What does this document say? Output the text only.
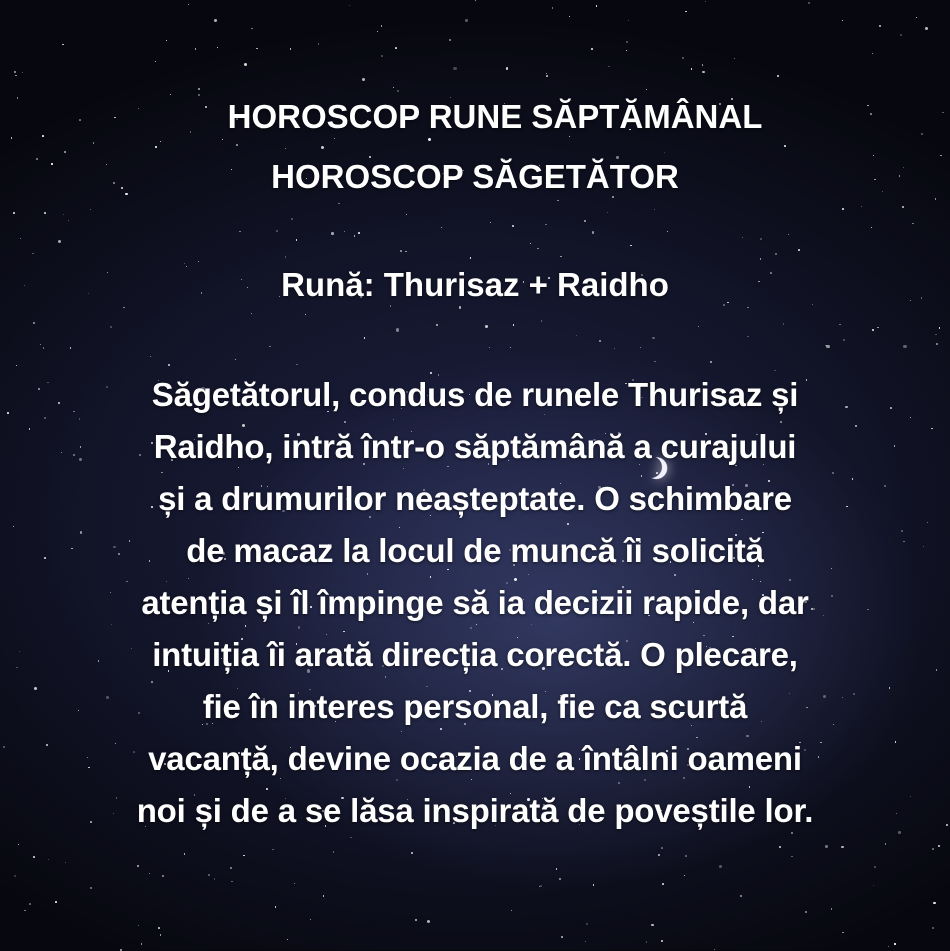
HOROSCOP RUNE SĂPTĂMÂNAL
HOROSCOP SĂGETĂTOR
Rună: Thurisaz + Raidho
Săgetătorul, condus de runele Thurisaz și
Raidho, intră într-o săptămână a curajului
și a drumurilor neașteptate. O schimbare
de macaz la locul de muncă îi solicită
atenția și îl împinge să ia decizii rapide, dar
intuiția îi arată direcția corectă. O plecare,
fie în interes personal, fie ca scurtă
vacanță, devine ocazia de a întâlni oameni
noi și de a se lăsa inspirată de poveștile lor.
